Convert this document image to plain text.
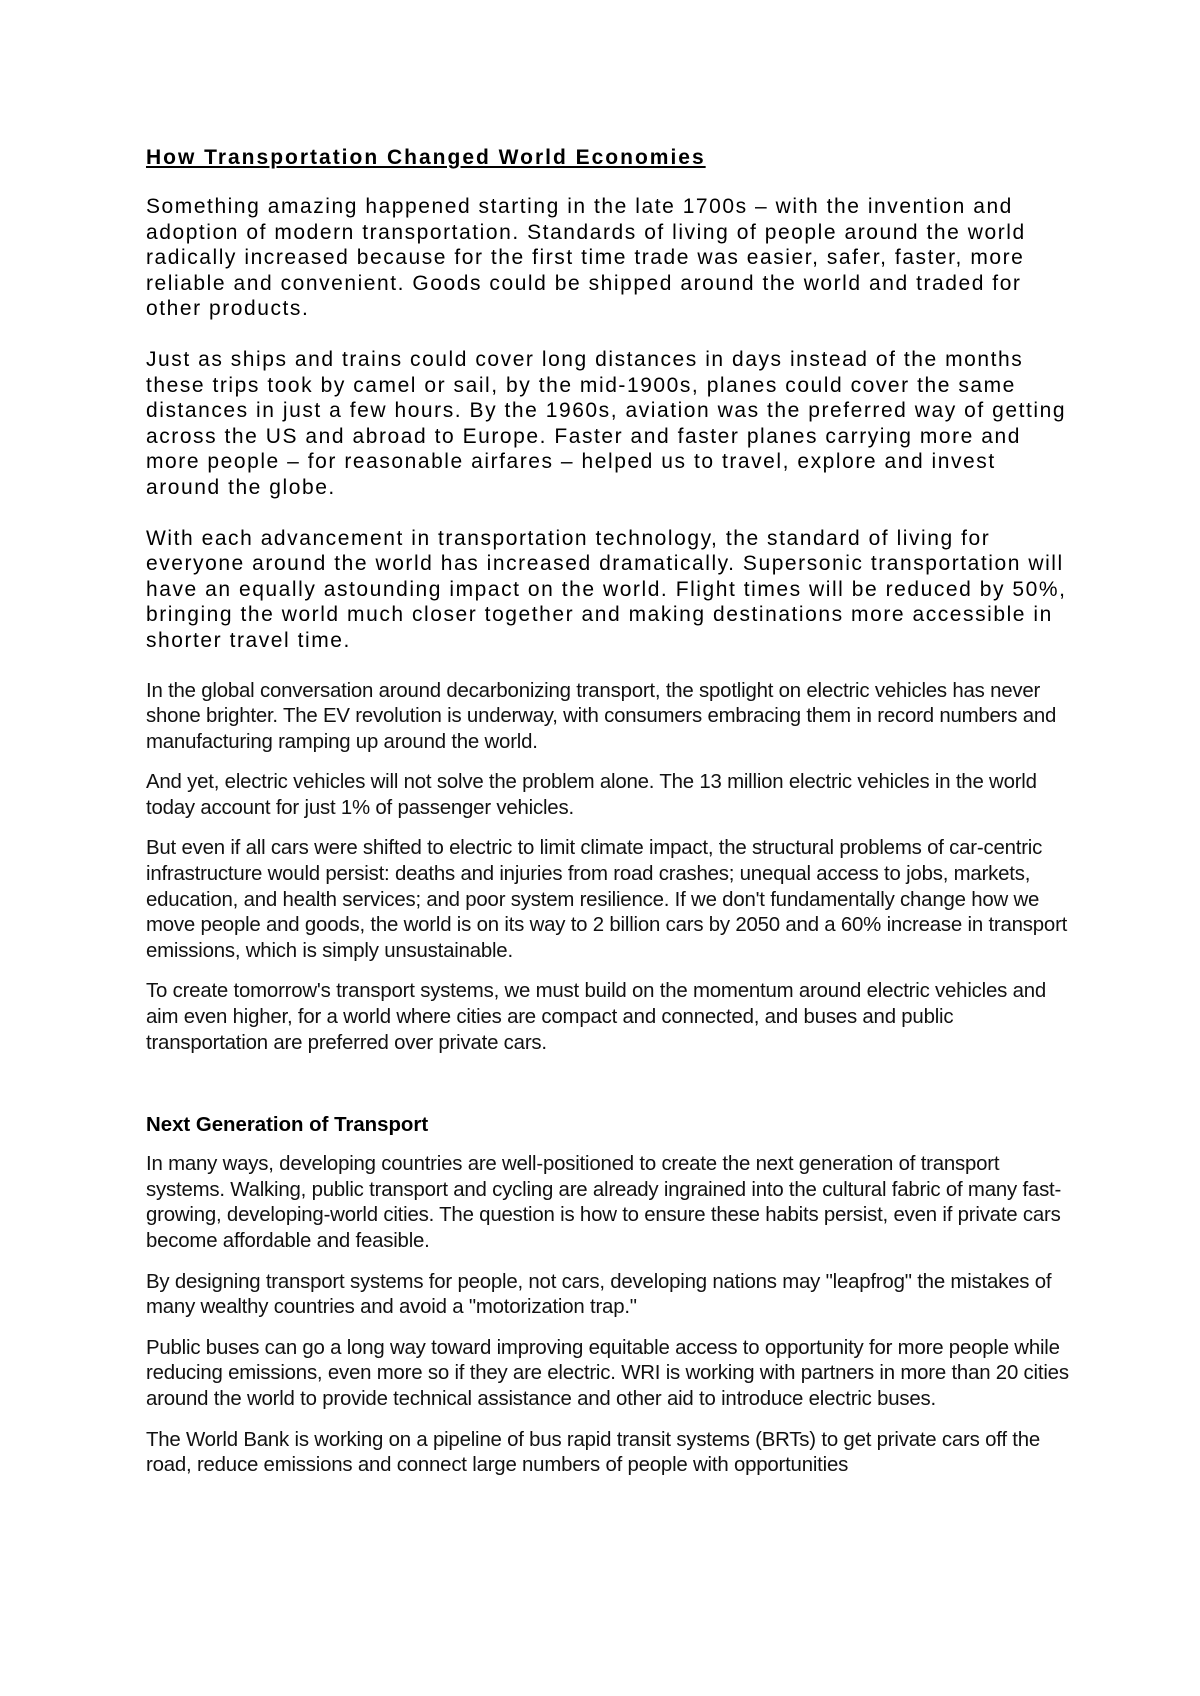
How Transportation Changed World Economies

Something amazing happened starting in the late 1700s – with the invention and adoption of modern transportation. Standards of living of people around the world radically increased because for the first time trade was easier, safer, faster, more reliable and convenient. Goods could be shipped around the world and traded for other products.

Just as ships and trains could cover long distances in days instead of the months these trips took by camel or sail, by the mid-1900s, planes could cover the same distances in just a few hours. By the 1960s, aviation was the preferred way of getting across the US and abroad to Europe. Faster and faster planes carrying more and more people – for reasonable airfares – helped us to travel, explore and invest around the globe.

With each advancement in transportation technology, the standard of living for everyone around the world has increased dramatically. Supersonic transportation will have an equally astounding impact on the world. Flight times will be reduced by 50%, bringing the world much closer together and making destinations more accessible in shorter travel time.

In the global conversation around decarbonizing transport, the spotlight on electric vehicles has never shone brighter. The EV revolution is underway, with consumers embracing them in record numbers and manufacturing ramping up around the world.

And yet, electric vehicles will not solve the problem alone. The 13 million electric vehicles in the world today account for just 1% of passenger vehicles.

But even if all cars were shifted to electric to limit climate impact, the structural problems of car-centric infrastructure would persist: deaths and injuries from road crashes; unequal access to jobs, markets, education, and health services; and poor system resilience. If we don't fundamentally change how we move people and goods, the world is on its way to 2 billion cars by 2050 and a 60% increase in transport emissions, which is simply unsustainable.

To create tomorrow's transport systems, we must build on the momentum around electric vehicles and aim even higher, for a world where cities are compact and connected, and buses and public transportation are preferred over private cars.

Next Generation of Transport

In many ways, developing countries are well-positioned to create the next generation of transport systems. Walking, public transport and cycling are already ingrained into the cultural fabric of many fast-growing, developing-world cities. The question is how to ensure these habits persist, even if private cars become affordable and feasible.

By designing transport systems for people, not cars, developing nations may "leapfrog" the mistakes of many wealthy countries and avoid a "motorization trap."

Public buses can go a long way toward improving equitable access to opportunity for more people while reducing emissions, even more so if they are electric. WRI is working with partners in more than 20 cities around the world to provide technical assistance and other aid to introduce electric buses.

The World Bank is working on a pipeline of bus rapid transit systems (BRTs) to get private cars off the road, reduce emissions and connect large numbers of people with opportunities
